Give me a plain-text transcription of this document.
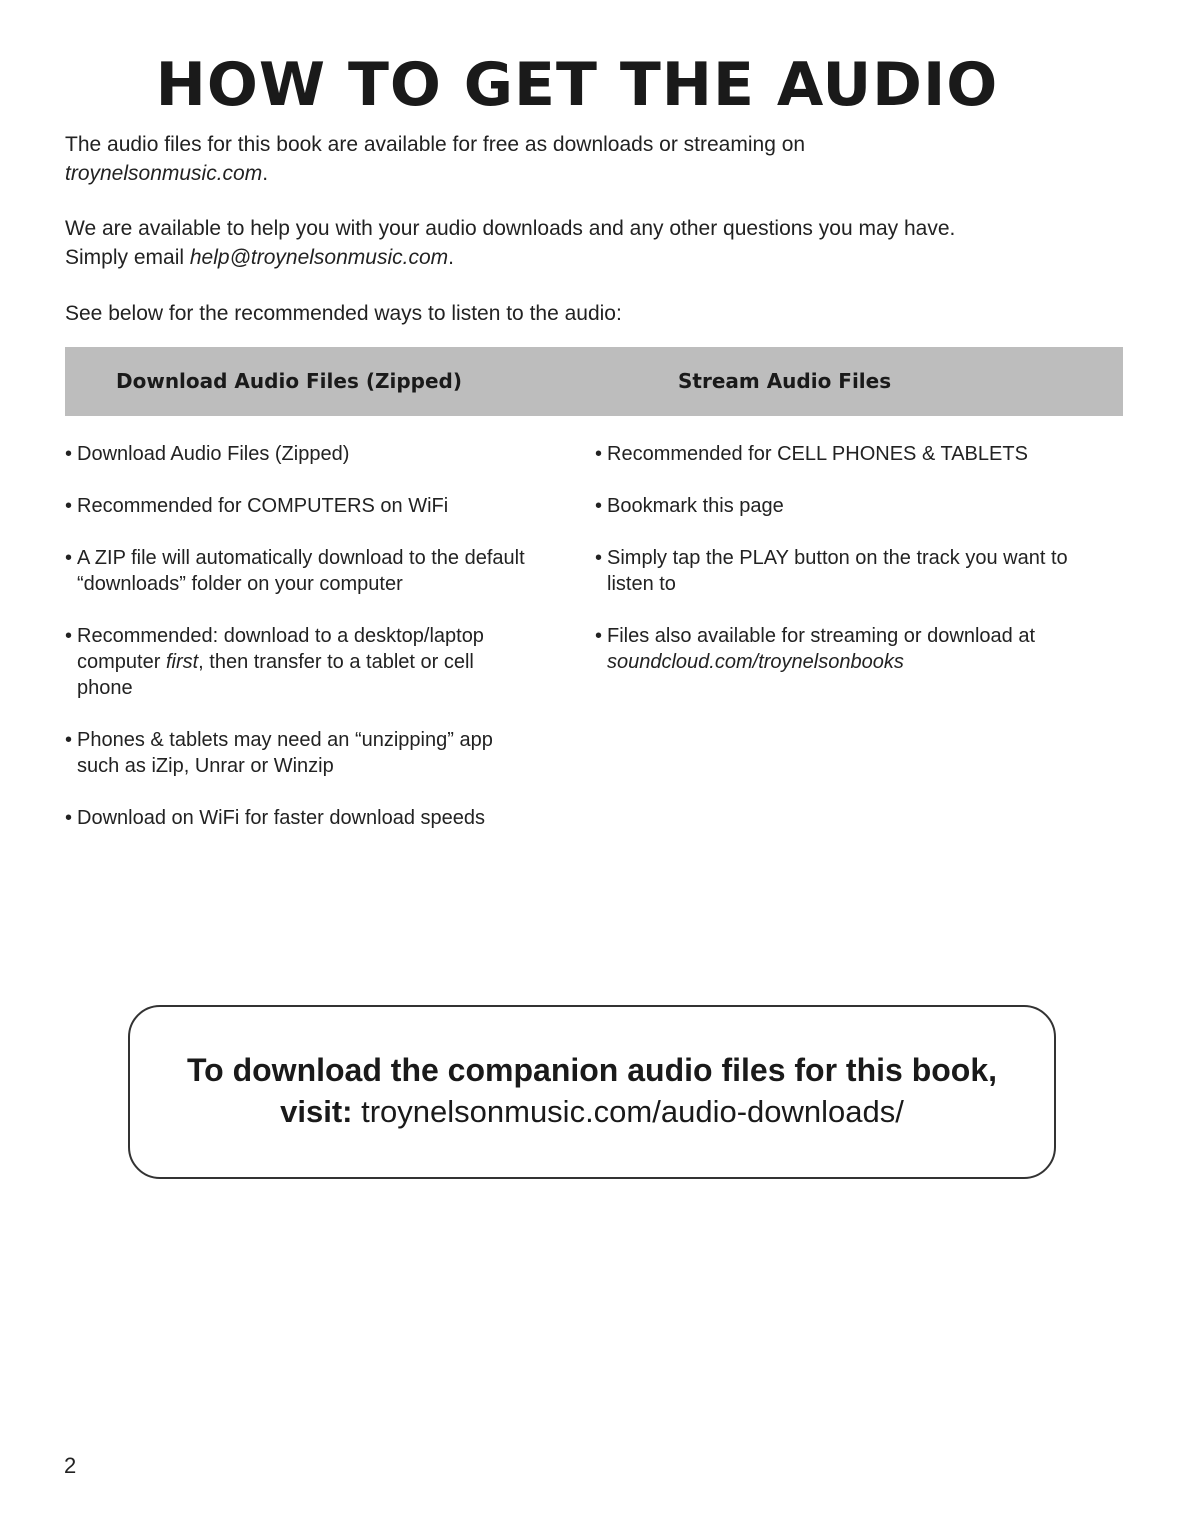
HOW TO GET THE AUDIO

The audio files for this book are available for free as downloads or streaming on
troynelsonmusic.com.

We are available to help you with your audio downloads and any other questions you may have.
Simply email help@troynelsonmusic.com.

See below for the recommended ways to listen to the audio:

Download Audio Files (Zipped)	Stream Audio Files
• Download Audio Files (Zipped)
• Recommended for COMPUTERS on WiFi
• A ZIP file will automatically download to the default “downloads” folder on your computer
• Recommended: download to a desktop/laptop computer first, then transfer to a tablet or cell phone
• Phones & tablets may need an “unzipping” app such as iZip, Unrar or Winzip
• Download on WiFi for faster download speeds
• Recommended for CELL PHONES & TABLETS
• Bookmark this page
• Simply tap the PLAY button on the track you want to listen to
• Files also available for streaming or download at soundcloud.com/troynelsonbooks
To download the companion audio files for this book,
visit: troynelsonmusic.com/audio-downloads/
2
